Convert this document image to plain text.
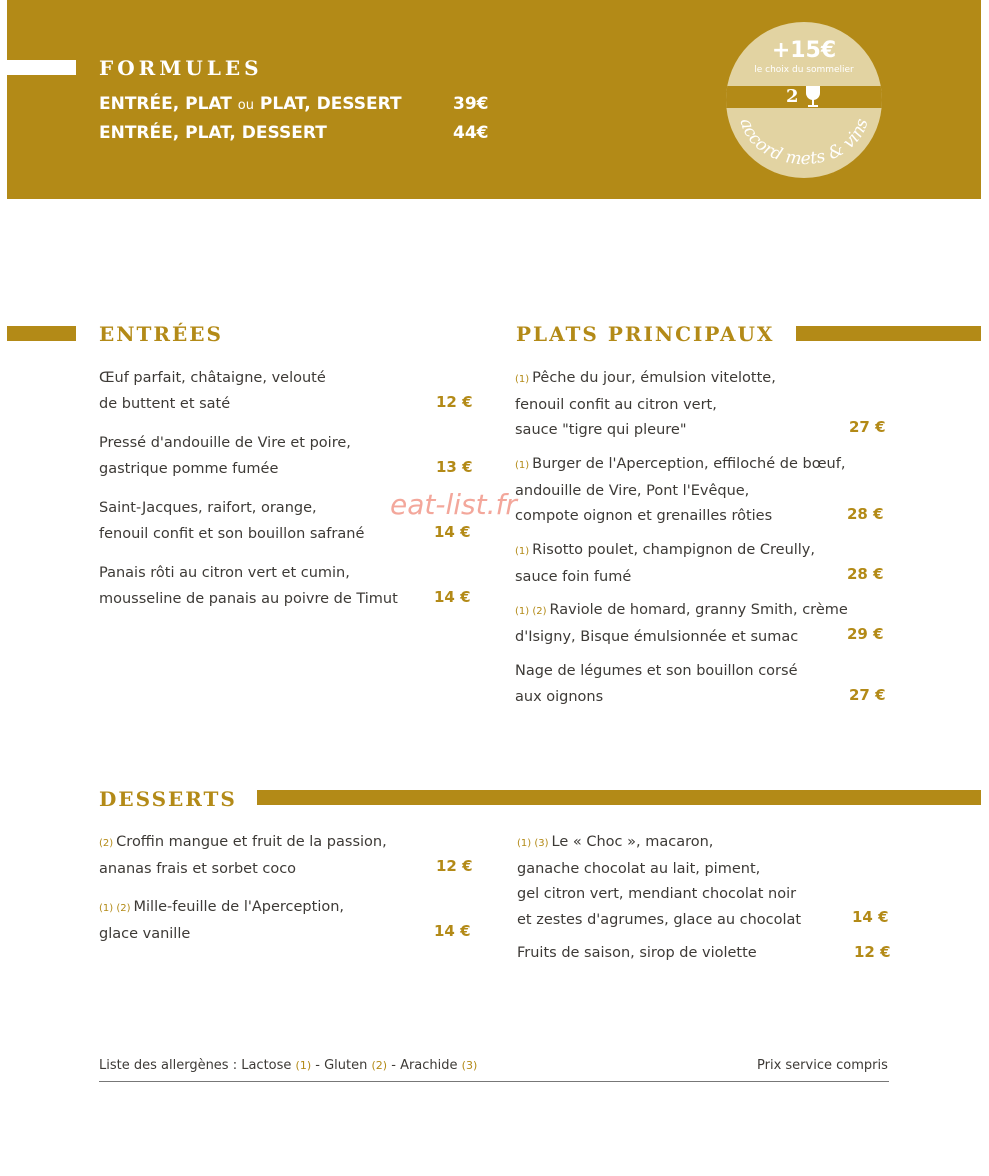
FORMULES
ENTRÉE, PLAT ou PLAT, DESSERT	39€
ENTRÉE, PLAT, DESSERT	44€
+15€
le choix du sommelier
2
accord mets & vins
ENTRÉES
Œuf parfait, châtaigne, velouté
de buttent et saté	12 €
Pressé d'andouille de Vire et poire,
gastrique pomme fumée	13 €
Saint-Jacques, raifort, orange,
fenouil confit et son bouillon safrané	14 €
Panais rôti au citron vert et cumin,
mousseline de panais au poivre de Timut 14 €
PLATS PRINCIPAUX
(1) Pêche du jour, émulsion vitelotte,
fenouil confit au citron vert,
sauce "tigre qui pleure"	27 €
(1) Burger de l'Aperception, effiloché de bœuf,
andouille de Vire, Pont l'Evêque,
compote oignon et grenailles rôties	28 €
(1) Risotto poulet, champignon de Creully,
sauce foin fumé	28 €
(1) (2) Raviole de homard, granny Smith, crème
d'Isigny, Bisque émulsionnée et sumac	29 €
Nage de légumes et son bouillon corsé
aux oignons	27 €
eat-list.fr
DESSERTS
(2) Croffin mangue et fruit de la passion,
ananas frais et sorbet coco	12 €
(1) (2) Mille-feuille de l'Aperception,
glace vanille	14 €
(1) (3) Le « Choc », macaron,
ganache chocolat au lait, piment,
gel citron vert, mendiant chocolat noir
et zestes d'agrumes, glace au chocolat	14 €
Fruits de saison, sirop de violette	12 €
Liste des allergènes : Lactose (1) - Gluten (2) - Arachide (3)	Prix service compris
